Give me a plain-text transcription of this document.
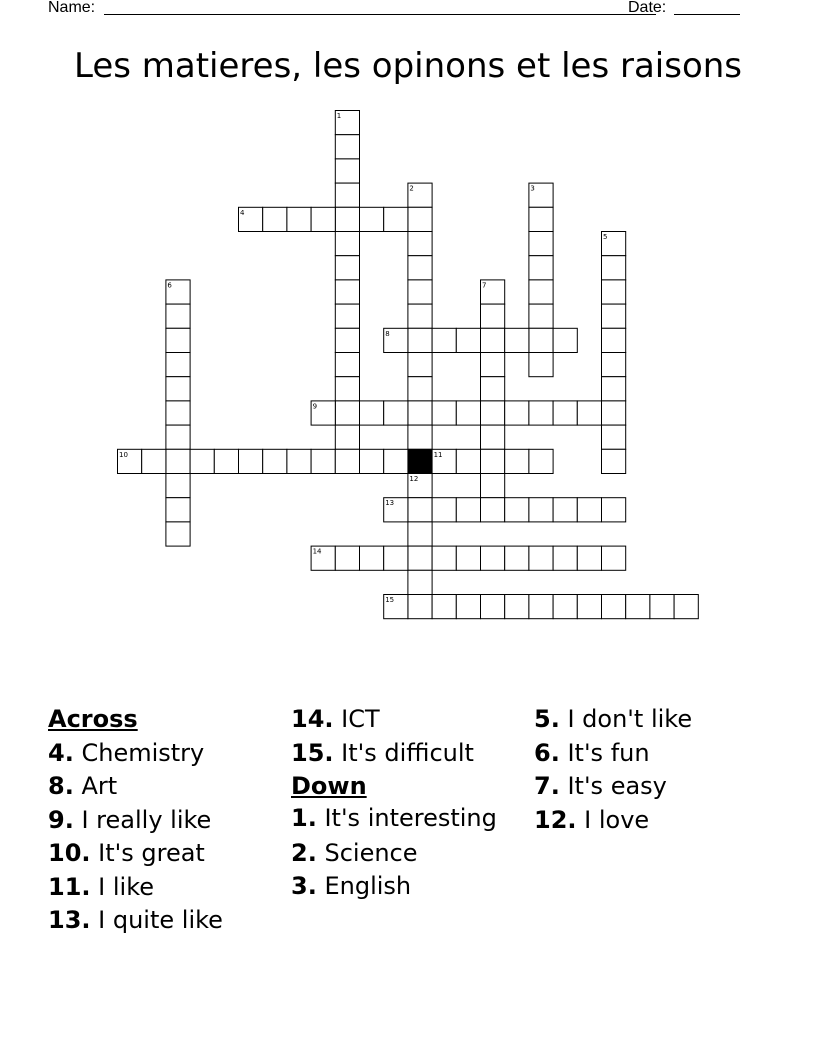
Name:	Date:
Les matieres, les opinons et les raisons
1
2	3
4
5
6	7
8
9
10	11
12
13
14
15
Across
4. Chemistry
8. Art
9. I really like
10. It's great
11. I like
13. I quite like
14. ICT
15. It's difficult
Down
1. It's interesting
2. Science
3. English
5. I don't like
6. It's fun
7. It's easy
12. I love
